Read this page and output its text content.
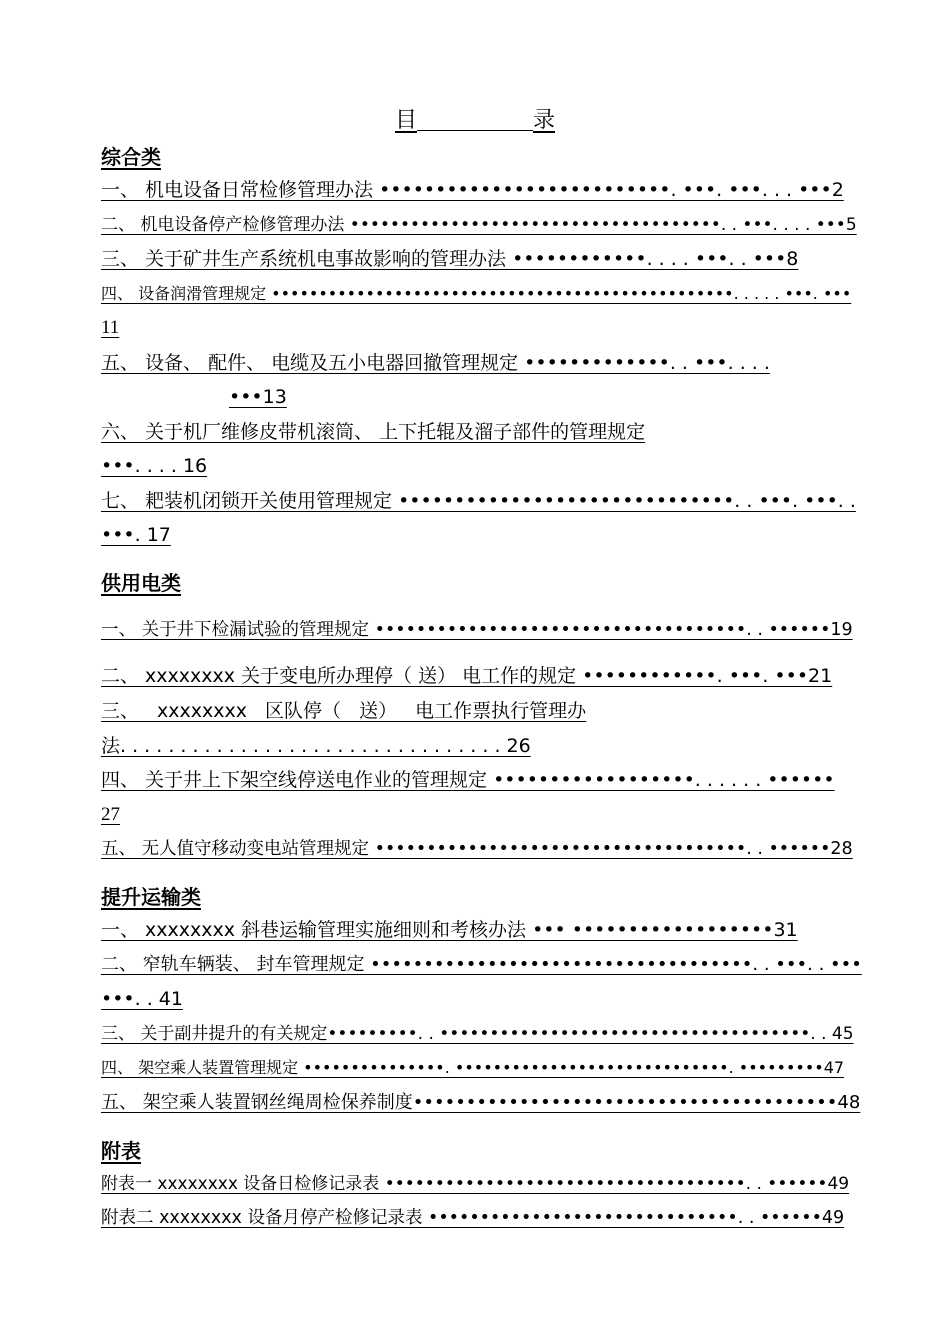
目	录
综合类
一、 机电设备日常检修管理办法 ••••••••••••••••••••••••••. •••. •••. . . •••2
二、 机电设备停产检修管理办法 •••••••••••••••••••••••••••••••••••••. . •••. . . . •••5
三、 关于矿井生产系统机电事故影响的管理办法 ••••••••••••. . . . •••. . •••8
四、 设备润滑管理规定 •••••••••••••••••••••••••••••••••••••••••••••••••. . . . . •••. •••
11
五、 设备、 配件、 电缆及五小电器回撤管理规定 •••••••••••••. . •••. . . .
•••13
六、 关于机厂维修皮带机滚筒、 上下托辊及溜子部件的管理规定
•••. . . . 16
七、 耙装机闭锁开关使用管理规定 ••••••••••••••••••••••••••••••. . •••. •••. .
•••. 17
供用电类
一、 关于井下检漏试验的管理规定 ••••••••••••••••••••••••••••••••••••. . ••••••19
二、 xxxxxxxx 关于变电所办理停（ 送） 电工作的规定 ••••••••••••. •••. •••21
三、 xxxxxxxx 区队停（ 送） 电工作票执行管理办
法. . . . . . . . . . . . . . . . . . . . . . . . . . . . . . . . 26
四、 关于井上下架空线停送电作业的管理规定 ••••••••••••••••••. . . . . . ••••••
27
五、 无人值守移动变电站管理规定 ••••••••••••••••••••••••••••••••••••. . ••••••28
提升运输类
一、 xxxxxxxx 斜巷运输管理实施细则和考核办法 ••• ••••••••••••••••••31
二、 窄轨车辆装、 封车管理规定 ••••••••••••••••••••••••••••••••••••. . •••. . •••
•••. . 41
三、 关于副井提升的有关规定•••••••••. . •••••••••••••••••••••••••••••••••••••. . 45
四、 架空乘人装置管理规定 •••••••••••••••. •••••••••••••••••••••••••••••. •••••••••47
五、 架空乘人装置钢丝绳周检保养制度••••••••••••••••••••••••••••••••••••••••48
附表
附表一 xxxxxxxx 设备日检修记录表 ••••••••••••••••••••••••••••••••••••. . ••••••49
附表二 xxxxxxxx 设备月停产检修记录表 ••••••••••••••••••••••••••••••. . ••••••49
